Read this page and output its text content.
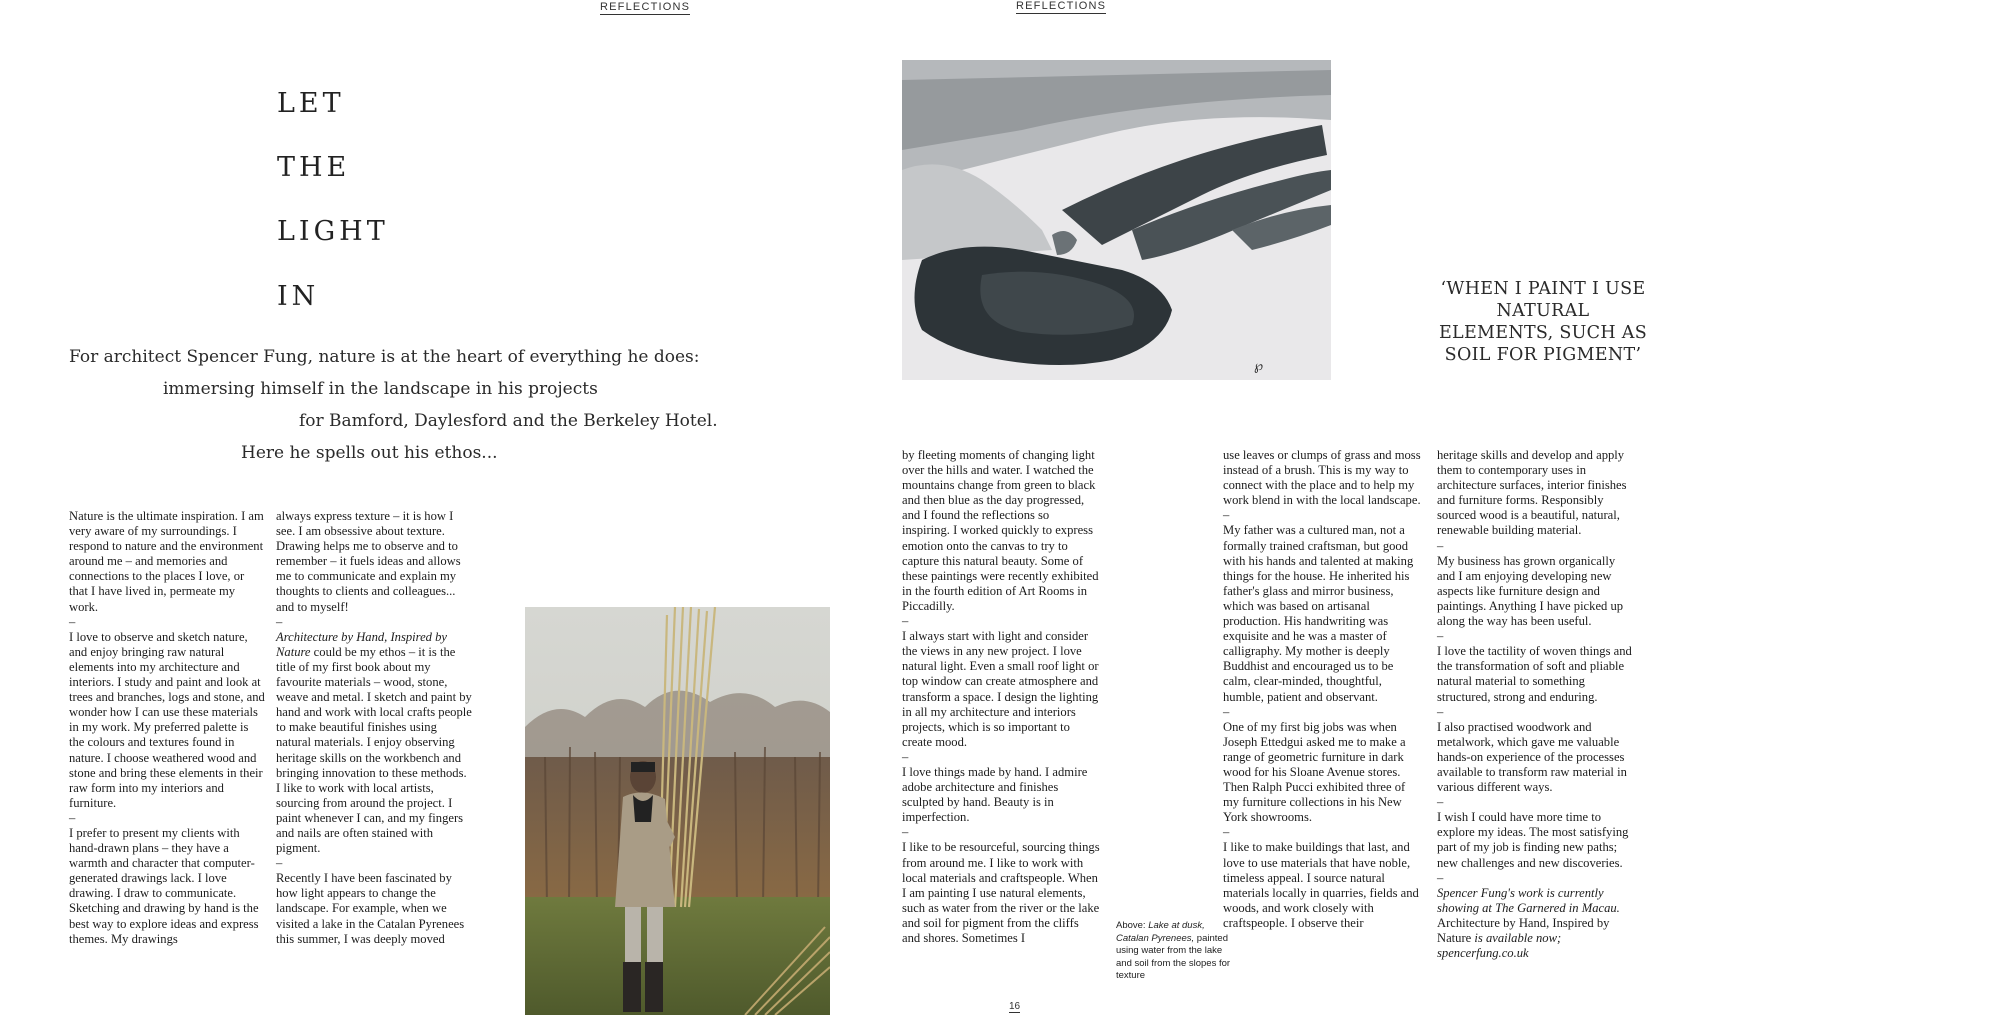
REFLECTIONS	REFLECTIONS
LET
THE
LIGHT
IN
For architect Spencer Fung, nature is at the heart of everything he does:
immersing himself in the landscape in his projects
for Bamford, Daylesford and the Berkeley Hotel.
Here he spells out his ethos...

Nature is the ultimate inspiration. I am very aware of my surroundings. I respond to nature and the environment around me – and memories and connections to the places I love, or that I have lived in, permeate my work.

–

I love to observe and sketch nature, and enjoy bringing raw natural elements into my architecture and interiors. I study and paint and look at trees and branches, logs and stone, and wonder how I can use these materials in my work. My preferred palette is the colours and textures found in nature. I choose weathered wood and stone and bring these elements in their raw form into my interiors and furniture.

–

I prefer to present my clients with hand-drawn plans – they have a warmth and character that computer-generated drawings lack. I love drawing. I draw to communicate. Sketching and drawing by hand is the best way to explore ideas and express themes. My drawings

always express texture – it is how I see. I am obsessive about texture. Drawing helps me to observe and to remember – it fuels ideas and allows me to communicate and explain my thoughts to clients and colleagues... and to myself!

–

Architecture by Hand, Inspired by Nature could be my ethos – it is the title of my first book about my favourite materials – wood, stone, weave and metal. I sketch and paint by hand and work with local crafts people to make beautiful finishes using natural materials. I enjoy observing heritage skills on the workbench and bringing innovation to these methods. I like to work with local artists, sourcing from around the project. I paint whenever I can, and my fingers and nails are often stained with pigment.

–

Recently I have been fascinated by how light appears to change the landscape. For example, when we visited a lake in the Catalan Pyrenees this summer, I was deeply moved

℘
‘WHEN I PAINT I USE NATURAL ELEMENTS, SUCH AS SOIL FOR PIGMENT’

by fleeting moments of changing light over the hills and water. I watched the mountains change from green to black and then blue as the day progressed, and I found the reflections so inspiring. I worked quickly to express emotion onto the canvas to try to capture this natural beauty. Some of these paintings were recently exhibited in the fourth edition of Art Rooms in Piccadilly.

–

I always start with light and consider the views in any new project. I love natural light. Even a small roof light or top window can create atmosphere and transform a space. I design the lighting in all my architecture and interiors projects, which is so important to create mood.

–

I love things made by hand. I admire adobe architecture and finishes sculpted by hand. Beauty is in imperfection.

–

I like to be resourceful, sourcing things from around me. I like to work with local materials and craftspeople. When I am painting I use natural elements, such as water from the river or the lake and soil for pigment from the cliffs and shores. Sometimes I

Above: Lake at dusk, Catalan Pyrenees, painted using water from the lake and soil from the slopes for texture

use leaves or clumps of grass and moss instead of a brush. This is my way to connect with the place and to help my work blend in with the local landscape.

–

My father was a cultured man, not a formally trained craftsman, but good with his hands and talented at making things for the house. He inherited his father's glass and mirror business, which was based on artisanal production. His handwriting was exquisite and he was a master of calligraphy. My mother is deeply Buddhist and encouraged us to be calm, clear-minded, thoughtful, humble, patient and observant.

–

One of my first big jobs was when Joseph Ettedgui asked me to make a range of geometric furniture in dark wood for his Sloane Avenue stores. Then Ralph Pucci exhibited three of my furniture collections in his New York showrooms.

–

I like to make buildings that last, and love to use materials that have noble, timeless appeal. I source natural materials locally in quarries, fields and woods, and work closely with craftspeople. I observe their

heritage skills and develop and apply them to contemporary uses in architecture surfaces, interior finishes and furniture forms. Responsibly sourced wood is a beautiful, natural, renewable building material.

–

My business has grown organically and I am enjoying developing new aspects like furniture design and paintings. Anything I have picked up along the way has been useful.

–

I love the tactility of woven things and the transformation of soft and pliable natural material to something structured, strong and enduring.

–

I also practised woodwork and metalwork, which gave me valuable hands-on experience of the processes available to transform raw material in various different ways.

–

I wish I could have more time to explore my ideas. The most satisfying part of my job is finding new paths; new challenges and new discoveries.

–

Spencer Fung's work is currently showing at The Garnered in Macau. Architecture by Hand, Inspired by Nature is available now; spencerfung.co.uk

16
